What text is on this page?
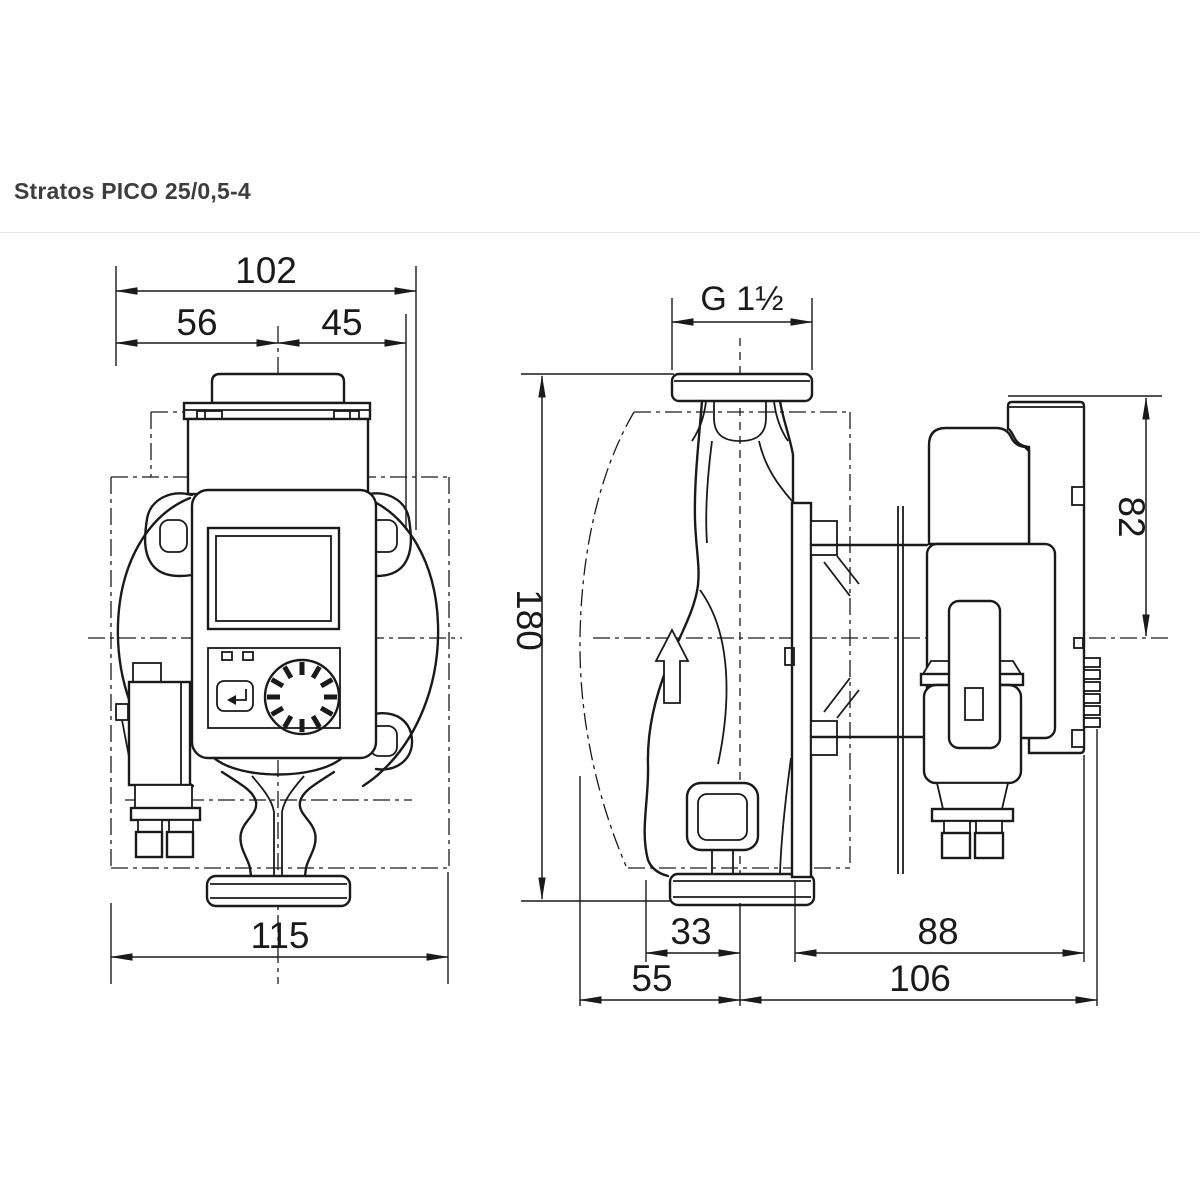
Stratos PICO 25/0,5-4
102
56	45
115
G 1½
180
82
33	88
55	106
